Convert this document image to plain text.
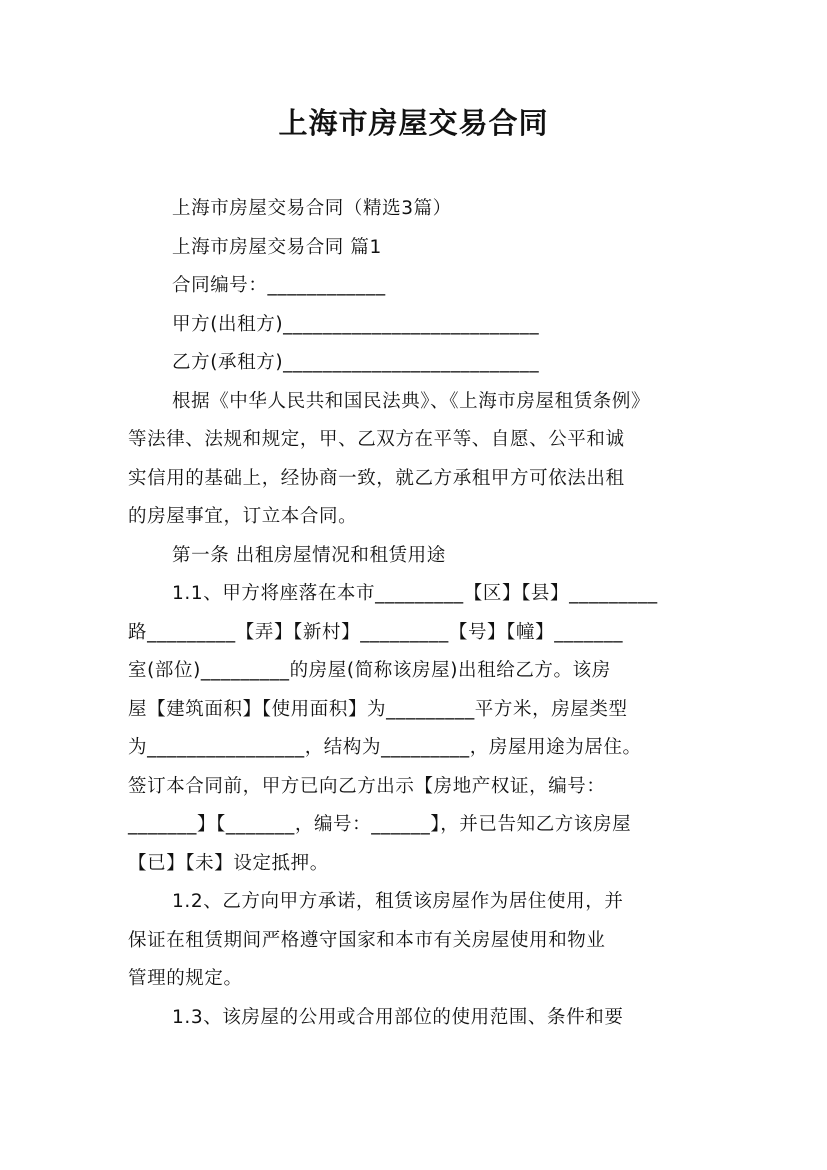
上海市房屋交易合同
上海市房屋交易合同（精选3篇）
上海市房屋交易合同 篇1
合同编号：____________
甲方(出租方)__________________________
乙方(承租方)__________________________
根据《中华人民共和国民法典》、《上海市房屋租赁条例》
等法律、法规和规定，甲、乙双方在平等、自愿、公平和诚
实信用的基础上，经协商一致，就乙方承租甲方可依法出租
的房屋事宜，订立本合同。
第一条 出租房屋情况和租赁用途
1.1、甲方将座落在本市_________【区】【县】_________
路_________【弄】【新村】_________【号】【幢】_______
室(部位)_________的房屋(简称该房屋)出租给乙方。该房
屋【建筑面积】【使用面积】为_________平方米，房屋类型
为________________，结构为_________，房屋用途为居住。
签订本合同前，甲方已向乙方出示【房地产权证，编号：
_______】【_______，编号：______】，并已告知乙方该房屋
【已】【未】设定抵押。
1.2、乙方向甲方承诺，租赁该房屋作为居住使用，并
保证在租赁期间严格遵守国家和本市有关房屋使用和物业
管理的规定。
1.3、该房屋的公用或合用部位的使用范围、条件和要
